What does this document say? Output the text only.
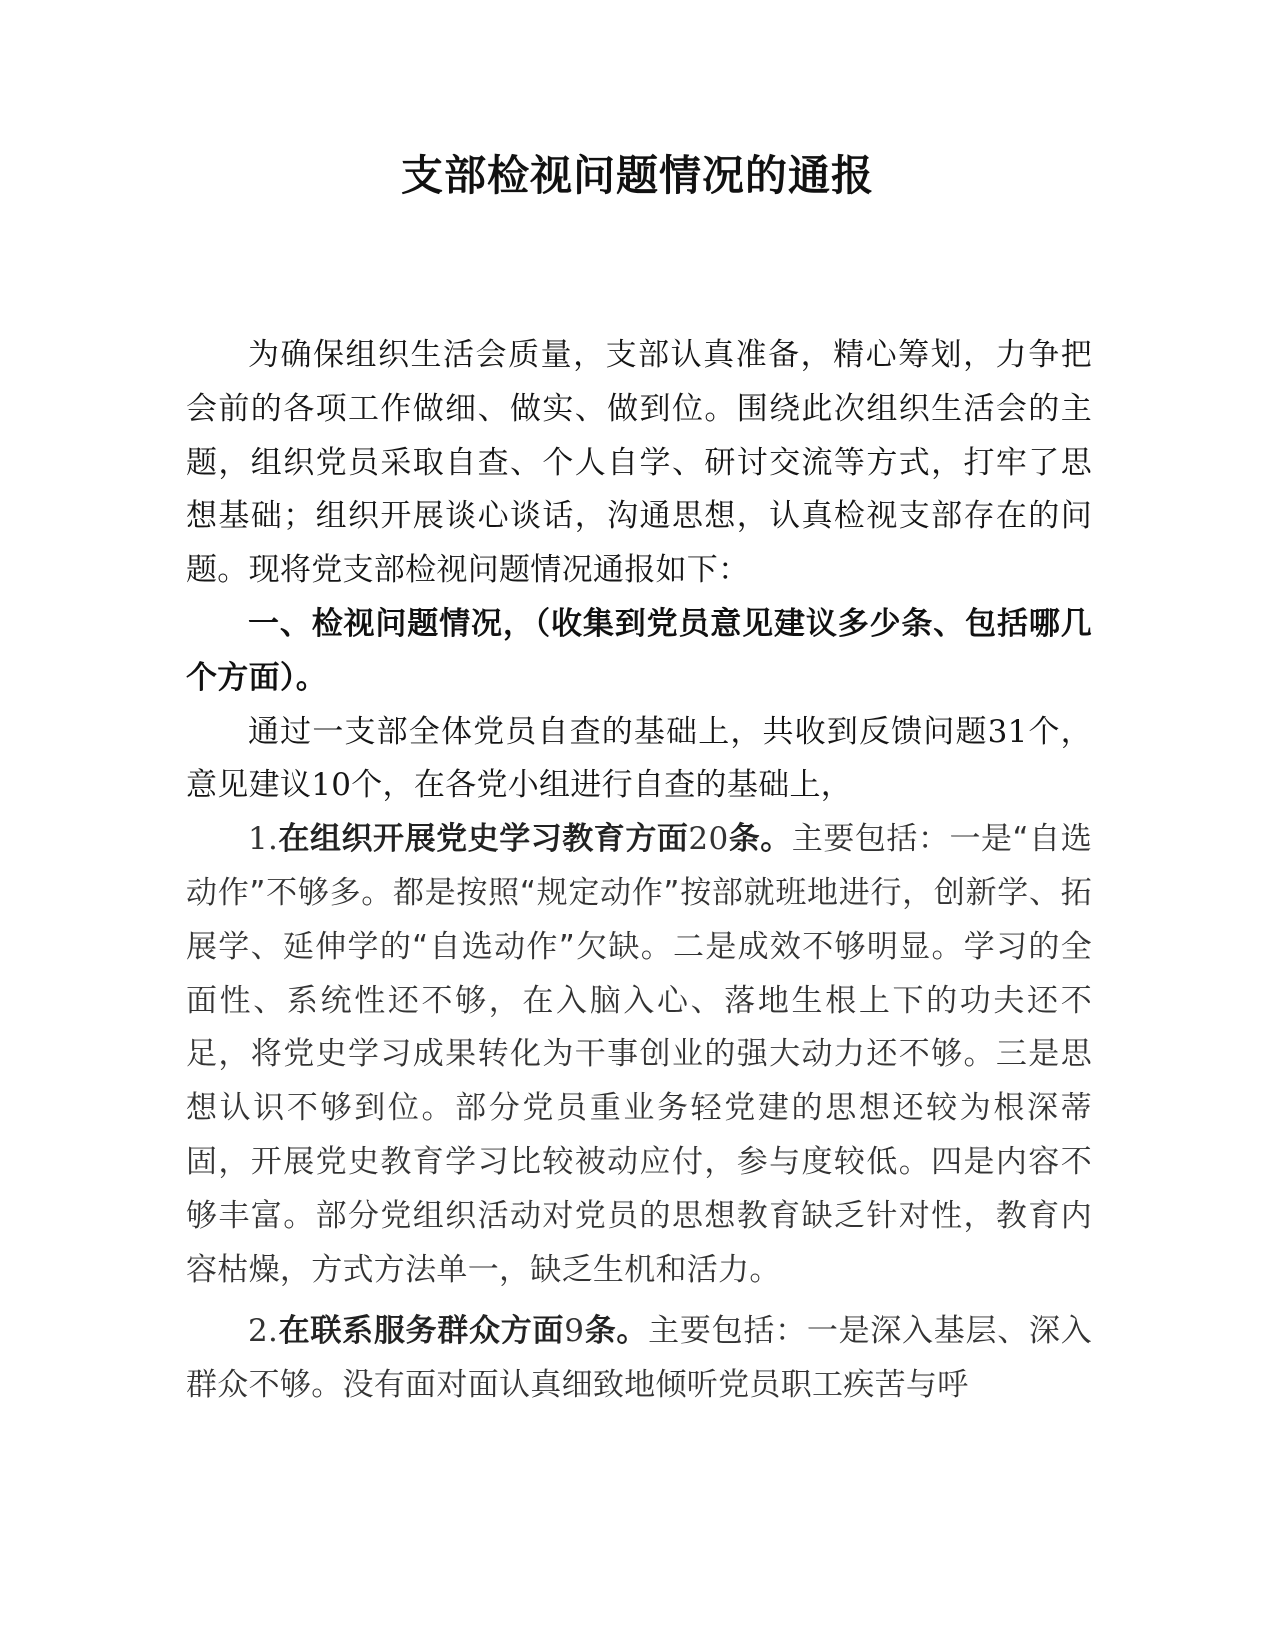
支部检视问题情况的通报

为确保组织生活会质量，支部认真准备，精心筹划，力争把会前的各项工作做细、做实、做到位。围绕此次组织生活会的主题，组织党员采取自查、个人自学、研讨交流等方式，打牢了思想基础；组织开展谈心谈话，沟通思想，认真检视支部存在的问题。现将党支部检视问题情况通报如下：

一、检视问题情况，（收集到党员意见建议多少条、包括哪几个方面）。

通过一支部全体党员自查的基础上，共收到反馈问题31个，意见建议10个，在各党小组进行自查的基础上，

1.在组织开展党史学习教育方面20条。主要包括：一是“自选动作”不够多。都是按照“规定动作”按部就班地进行，创新学、拓展学、延伸学的“自选动作”欠缺。二是成效不够明显。学习的全面性、系统性还不够，在入脑入心、落地生根上下的功夫还不足，将党史学习成果转化为干事创业的强大动力还不够。三是思想认识不够到位。部分党员重业务轻党建的思想还较为根深蒂固，开展党史教育学习比较被动应付，参与度较低。四是内容不够丰富。部分党组织活动对党员的思想教育缺乏针对性，教育内容枯燥，方式方法单一，缺乏生机和活力。

2.在联系服务群众方面9条。主要包括：一是深入基层、深入群众不够。没有面对面认真细致地倾听党员职工疾苦与呼
